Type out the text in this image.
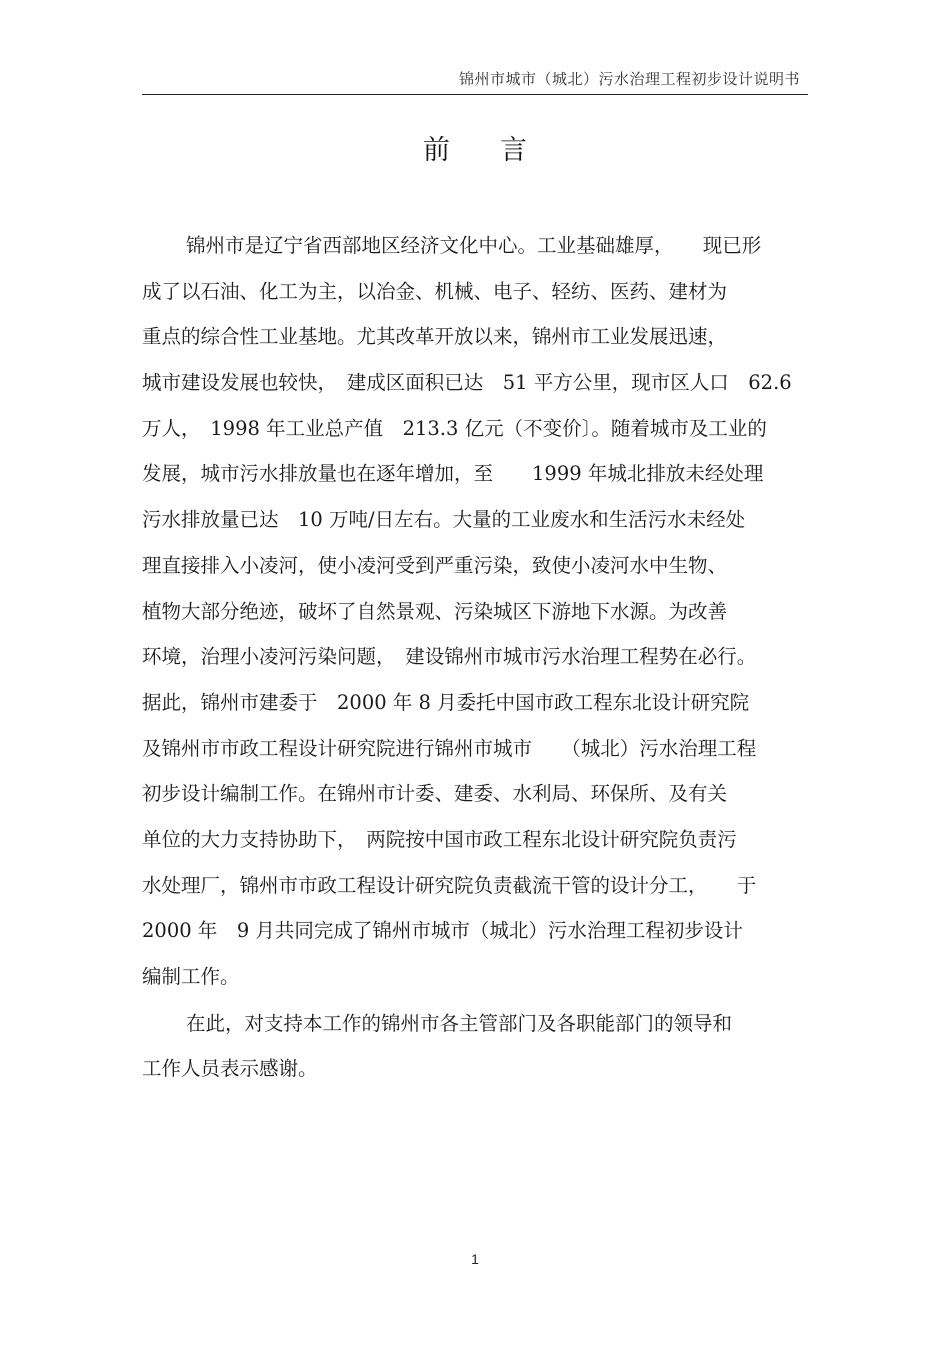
锦州市城市（城北）污水治理工程初步设计说明书
前言
锦州市是辽宁省西部地区经济文化中心。工业基础雄厚，　　现已形
成了以石油、化工为主，以冶金、机械、电子、轻纺、医药、建材为
重点的综合性工业基地。尤其改革开放以来，锦州市工业发展迅速，
城市建设发展也较快，　建成区面积已达　51 平方公里，现市区人口　62.6
万人，　1998 年工业总产值　213.3 亿元（不变价〕。随着城市及工业的
发展，城市污水排放量也在逐年增加，至　　1999 年城北排放未经处理
污水排放量已达　10 万吨/日左右。大量的工业废水和生活污水未经处
理直接排入小凌河，使小凌河受到严重污染，致使小凌河水中生物、
植物大部分绝迹，破坏了自然景观、污染城区下游地下水源。为改善
环境，治理小凌河污染问题，　建设锦州市城市污水治理工程势在必行。
据此，锦州市建委于　2000 年 8 月委托中国市政工程东北设计研究院
及锦州市市政工程设计研究院进行锦州市城市　　（城北）污水治理工程
初步设计编制工作。在锦州市计委、建委、水利局、环保所、及有关
单位的大力支持协助下，　两院按中国市政工程东北设计研究院负责污
水处理厂，锦州市市政工程设计研究院负责截流干管的设计分工，　　于
2000 年　9 月共同完成了锦州市城市（城北）污水治理工程初步设计
编制工作。
在此，对支持本工作的锦州市各主管部门及各职能部门的领导和
工作人员表示感谢。
1
